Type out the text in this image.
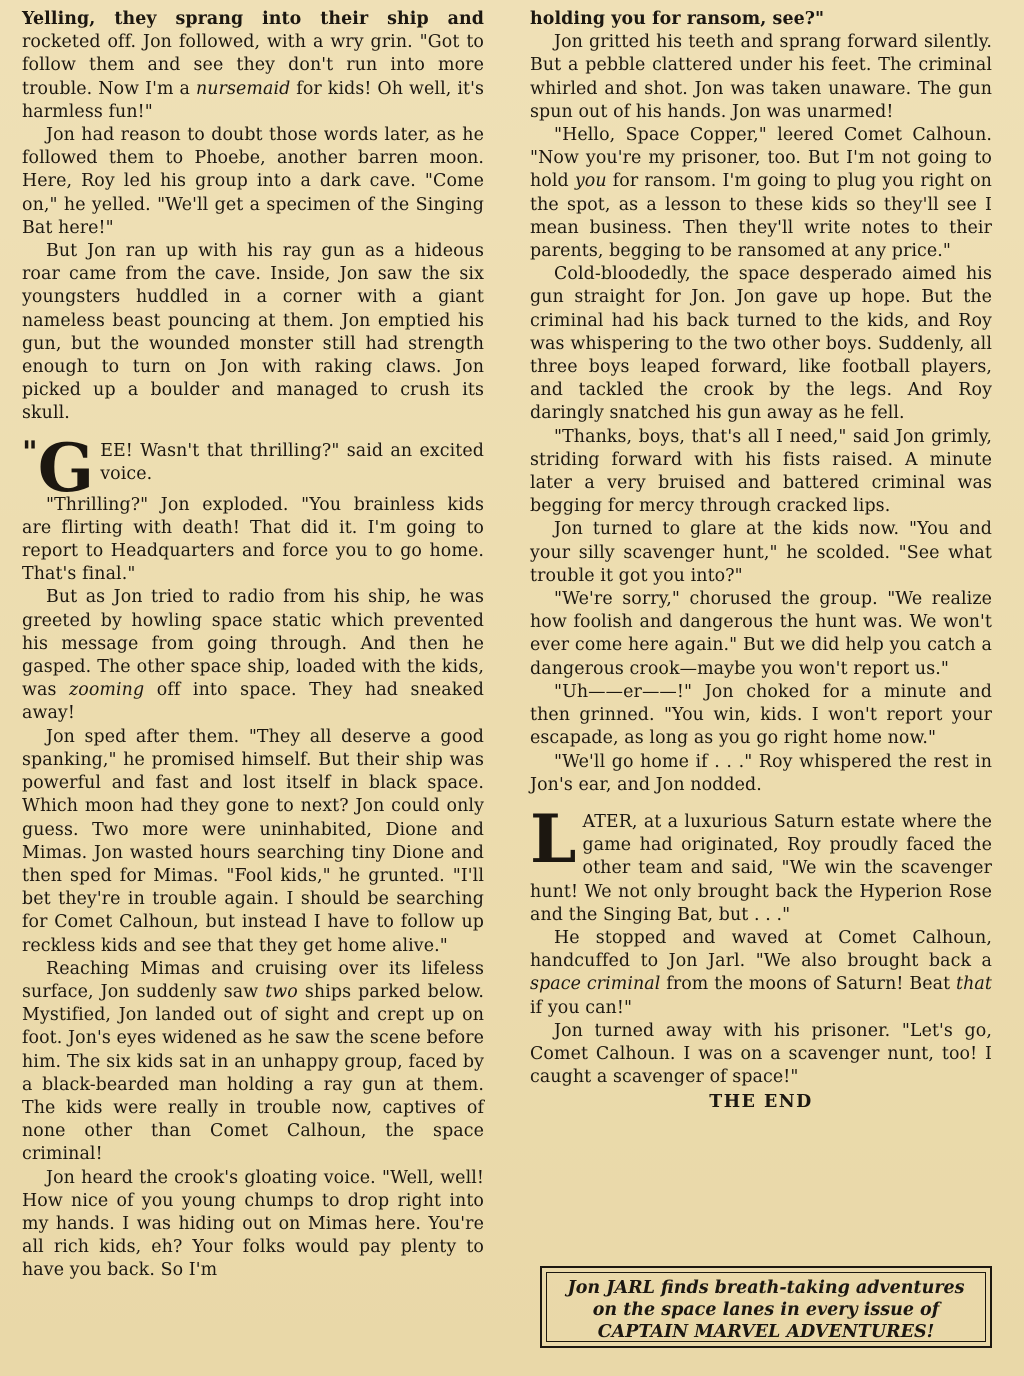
Yelling, they sprang into their ship and rocketed off. Jon followed, with a wry grin. "Got to follow them and see they don't run into more trouble. Now I'm a nursemaid for kids! Oh well, it's harmless fun!"

Jon had reason to doubt those words later, as he followed them to Phoebe, another barren moon. Here, Roy led his group into a dark cave. "Come on," he yelled. "We'll get a specimen of the Singing Bat here!"

But Jon ran up with his ray gun as a hideous roar came from the cave. Inside, Jon saw the six youngsters huddled in a corner with a giant nameless beast pouncing at them. Jon emptied his gun, but the wounded monster still had strength enough to turn on Jon with raking claws. Jon picked up a boulder and managed to crush its skull.

"G EE! Wasn't that thrilling?" said an excited voice.

"Thrilling?" Jon exploded. "You brainless kids are flirting with death! That did it. I'm going to report to Headquarters and force you to go home. That's final."

But as Jon tried to radio from his ship, he was greeted by howling space static which prevented his message from going through. And then he gasped. The other space ship, loaded with the kids, was zooming off into space. They had sneaked away!

Jon sped after them. "They all deserve a good spanking," he promised himself. But their ship was powerful and fast and lost itself in black space. Which moon had they gone to next? Jon could only guess. Two more were uninhabited, Dione and Mimas. Jon wasted hours searching tiny Dione and then sped for Mimas. "Fool kids," he grunted. "I'll bet they're in trouble again. I should be searching for Comet Calhoun, but instead I have to follow up reckless kids and see that they get home alive."

Reaching Mimas and cruising over its lifeless surface, Jon suddenly saw two ships parked below. Mystified, Jon landed out of sight and crept up on foot. Jon's eyes widened as he saw the scene before him. The six kids sat in an unhappy group, faced by a black-bearded man holding a ray gun at them. The kids were really in trouble now, captives of none other than Comet Calhoun, the space criminal!

Jon heard the crook's gloating voice. "Well, well! How nice of you young chumps to drop right into my hands. I was hiding out on Mimas here. You're all rich kids, eh? Your folks would pay plenty to have you back. So I'm

holding you for ransom, see?"

Jon gritted his teeth and sprang forward silently. But a pebble clattered under his feet. The criminal whirled and shot. Jon was taken unaware. The gun spun out of his hands. Jon was unarmed!

"Hello, Space Copper," leered Comet Calhoun. "Now you're my prisoner, too. But I'm not going to hold you for ransom. I'm going to plug you right on the spot, as a lesson to these kids so they'll see I mean business. Then they'll write notes to their parents, begging to be ransomed at any price."

Cold-bloodedly, the space desperado aimed his gun straight for Jon. Jon gave up hope. But the criminal had his back turned to the kids, and Roy was whispering to the two other boys. Suddenly, all three boys leaped forward, like football players, and tackled the crook by the legs. And Roy daringly snatched his gun away as he fell.

"Thanks, boys, that's all I need," said Jon grimly, striding forward with his fists raised. A minute later a very bruised and battered criminal was begging for mercy through cracked lips.

Jon turned to glare at the kids now. "You and your silly scavenger hunt," he scolded. "See what trouble it got you into?"

"We're sorry," chorused the group. "We realize how foolish and dangerous the hunt was. We won't ever come here again." But we did help you catch a dangerous crook—maybe you won't report us."

"Uh——er——!" Jon choked for a minute and then grinned. "You win, kids. I won't report your escapade, as long as you go right home now."

"We'll go home if . . ." Roy whispered the rest in Jon's ear, and Jon nodded.

LATER, at a luxurious Saturn estate where the game had originated, Roy proudly faced the other team and said, "We win the scavenger hunt! We not only brought back the Hyperion Rose and the Singing Bat, but . . ."

He stopped and waved at Comet Calhoun, handcuffed to Jon Jarl. "We also brought back a space criminal from the moons of Saturn! Beat that if you can!"

Jon turned away with his prisoner. "Let's go, Comet Calhoun. I was on a scavenger nunt, too! I caught a scavenger of space!"

THE END

Jon JARL finds breath-taking adventures on the space lanes in every issue of CAPTAIN MARVEL ADVENTURES!
